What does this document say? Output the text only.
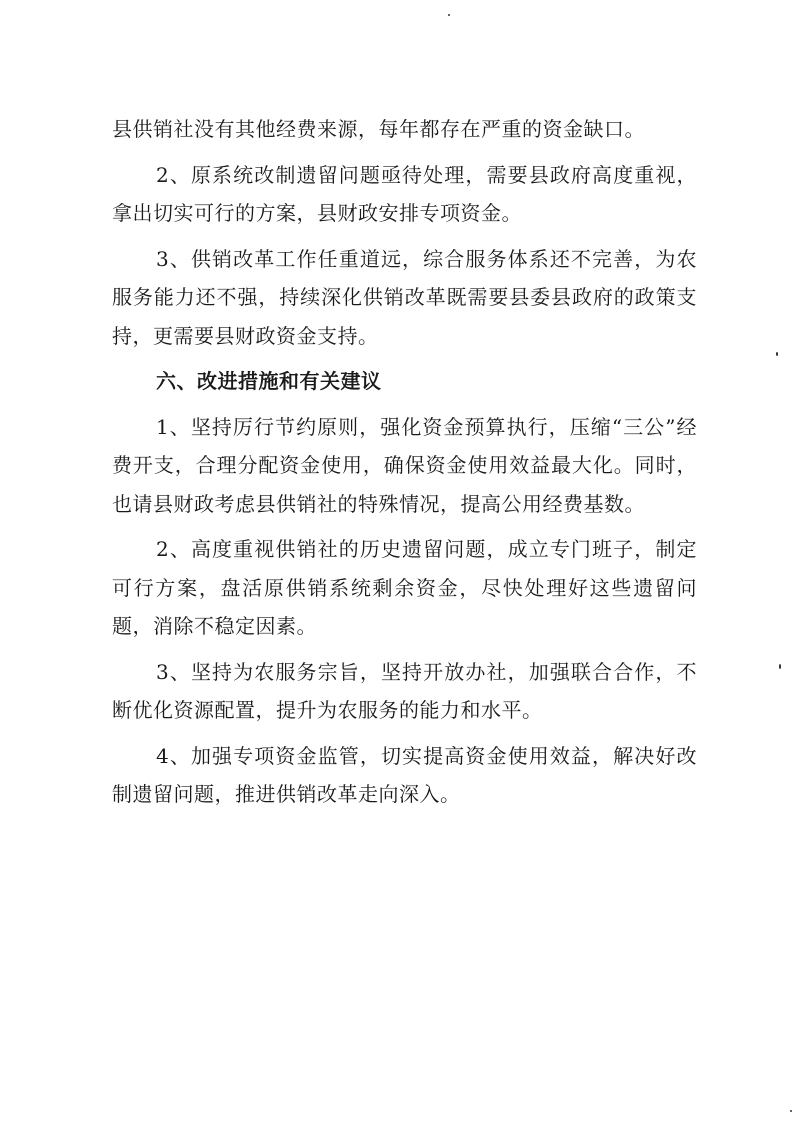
县供销社没有其他经费来源，每年都存在严重的资金缺口。

2、原系统改制遗留问题亟待处理，需要县政府高度重视，拿出切实可行的方案，县财政安排专项资金。

3、供销改革工作任重道远，综合服务体系还不完善，为农服务能力还不强，持续深化供销改革既需要县委县政府的政策支持，更需要县财政资金支持。

六、改进措施和有关建议

1、坚持厉行节约原则，强化资金预算执行，压缩“三公”经费开支，合理分配资金使用，确保资金使用效益最大化。同时，也请县财政考虑县供销社的特殊情况，提高公用经费基数。

2、高度重视供销社的历史遗留问题，成立专门班子，制定可行方案，盘活原供销系统剩余资金，尽快处理好这些遗留问题，消除不稳定因素。

3、坚持为农服务宗旨，坚持开放办社，加强联合合作，不断优化资源配置，提升为农服务的能力和水平。

4、加强专项资金监管，切实提高资金使用效益，解决好改制遗留问题，推进供销改革走向深入。
